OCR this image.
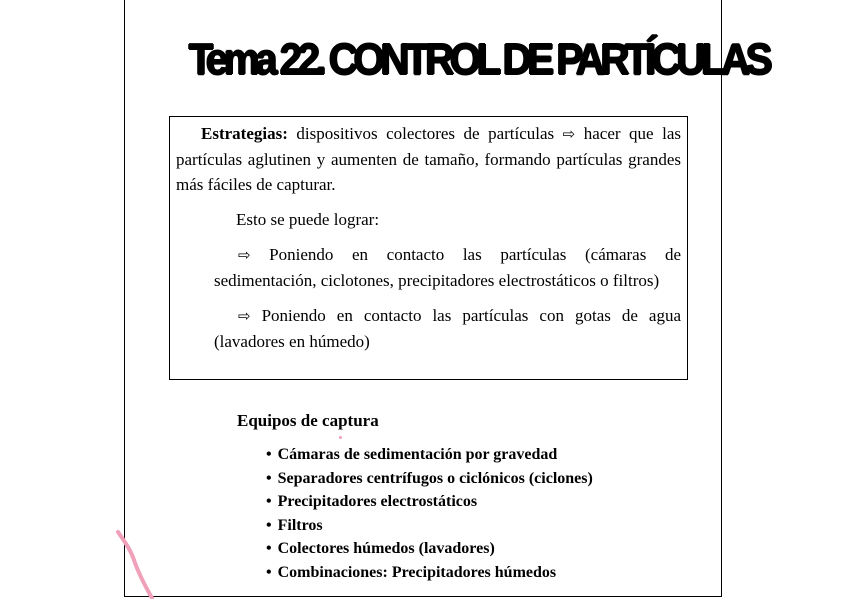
Tema 22. CONTROL DE PARTÍCULAS

Estrategias: dispositivos colectores de partículas ⇨ hacer que las partículas aglutinen y aumenten de tamaño, formando partículas grandes más fáciles de capturar.

Esto se puede lograr:

⇨ Poniendo en contacto las partículas (cámaras de sedimentación, ciclotones, precipitadores electrostáticos o filtros)

⇨ Poniendo en contacto las partículas con gotas de agua (lavadores en húmedo)

Equipos de captura
• Cámaras de sedimentación por gravedad
• Separadores centrífugos o ciclónicos (ciclones)
• Precipitadores electrostáticos
• Filtros
• Colectores húmedos (lavadores)
• Combinaciones: Precipitadores húmedos
